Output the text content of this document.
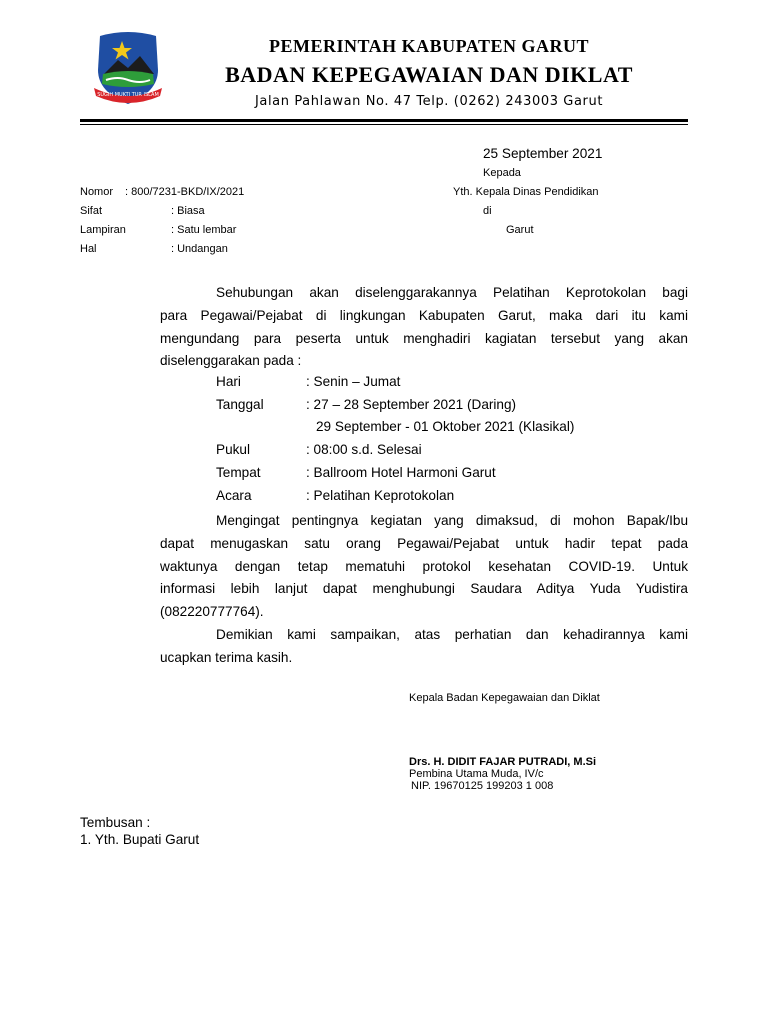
SUGIH MUKTI TUR ISLAM
PEMERINTAH KABUPATEN GARUT
BADAN KEPEGAWAIAN DAN DIKLAT
Jalan Pahlawan No. 47 Telp. (0262) 243003 Garut
25 September 2021
Kepada
Yth. Kepala Dinas Pendidikan
di
Garut
Nomor : 800/7231-BKD/IX/2021
Sifat	: Biasa
Lampiran	: Satu lembar
Hal	: Undangan
Sehubungan akan diselenggarakannya Pelatihan Keprotokolan bagi
para Pegawai/Pejabat di lingkungan Kabupaten Garut, maka dari itu kami
mengundang para peserta untuk menghadiri kagiatan tersebut yang akan
diselenggarakan pada :
Hari	: Senin – Jumat
Tanggal	: 27 – 28 September 2021 (Daring)
29 September - 01 Oktober 2021 (Klasikal)
Pukul	: 08:00 s.d. Selesai
Tempat	: Ballroom Hotel Harmoni Garut
Acara	: Pelatihan Keprotokolan
Mengingat pentingnya kegiatan yang dimaksud, di mohon Bapak/Ibu
dapat menugaskan satu orang Pegawai/Pejabat untuk hadir tepat pada
waktunya dengan tetap mematuhi protokol kesehatan COVID-19. Untuk
informasi lebih lanjut dapat menghubungi Saudara Aditya Yuda Yudistira
(082220777764).
Demikian kami sampaikan, atas perhatian dan kehadirannya kami
ucapkan terima kasih.
Kepala Badan Kepegawaian dan Diklat
Drs. H. DIDIT FAJAR PUTRADI, M.Si
Pembina Utama Muda, IV/c
NIP. 19670125 199203 1 008
Tembusan :
1. Yth. Bupati Garut
